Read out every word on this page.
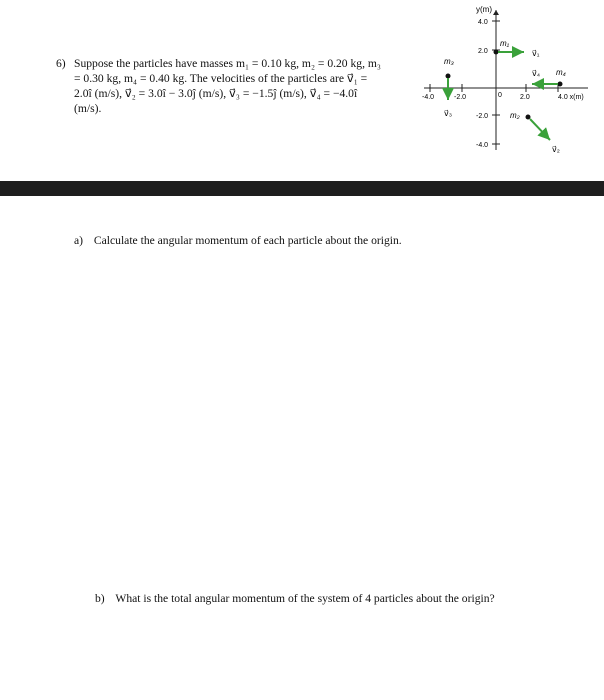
6) Suppose the particles have masses m₁ = 0.10 kg, m₂ = 0.20 kg, m₃
= 0.30 kg, m₄ = 0.40 kg. The velocities of the particles are v⃗₁ =
2.0î (m/s), v⃗₂ = 3.0î − 3.0ĵ (m/s), v⃗₃ = −1.5ĵ (m/s), v⃗₄ = −4.0î
(m/s).
y(m)
4.0 x(m)
4.0
2.0
-2.0
-4.0
-4.0	-2.0	0	2.0
m₁
v⃗₁
m₃
v⃗₃
m₄
v⃗₄
m₂
v⃗₂
a) Calculate the angular momentum of each particle about the origin.
b) What is the total angular momentum of the system of 4 particles about the origin?
